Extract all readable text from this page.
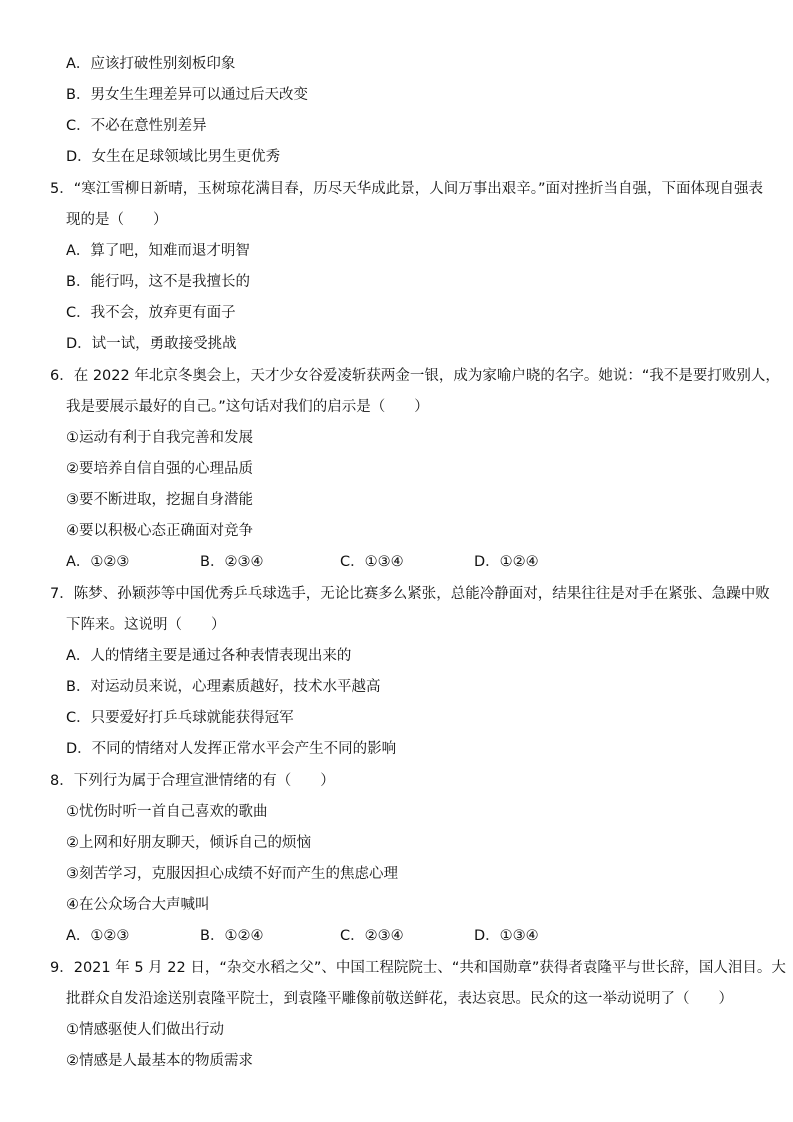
A．应该打破性别刻板印象
B．男女生生理差异可以通过后天改变
C．不必在意性别差异
D．女生在足球领域比男生更优秀
5．“寒江雪柳日新晴，玉树琼花满目春，历尽天华成此景，人间万事出艰辛。”面对挫折当自强，下面体现自强表
现的是（　　）
A．算了吧，知难而退才明智
B．能行吗，这不是我擅长的
C．我不会，放弃更有面子
D．试一试，勇敢接受挑战
6．在 2022 年北京冬奥会上，天才少女谷爱凌斩获两金一银，成为家喻户晓的名字。她说：“我不是要打败别人，
我是要展示最好的自己。”这句话对我们的启示是（　　）
①运动有利于自我完善和发展
②要培养自信自强的心理品质
③要不断进取，挖掘自身潜能
④要以积极心态正确面对竞争
A．①②③	B．②③④	C．①③④	D．①②④
7．陈梦、孙颖莎等中国优秀乒乓球选手，无论比赛多么紧张，总能冷静面对，结果往往是对手在紧张、急躁中败
下阵来。这说明（　　）
A．人的情绪主要是通过各种表情表现出来的
B．对运动员来说，心理素质越好，技术水平越高
C．只要爱好打乒乓球就能获得冠军
D．不同的情绪对人发挥正常水平会产生不同的影响
8．下列行为属于合理宣泄情绪的有（　　）
①忧伤时听一首自己喜欢的歌曲
②上网和好朋友聊天，倾诉自己的烦恼
③刻苦学习，克服因担心成绩不好而产生的焦虑心理
④在公众场合大声喊叫
A．①②③	B．①②④	C．②③④	D．①③④
9．2021 年 5 月 22 日，“杂交水稻之父”、中国工程院院士、“共和国勋章”获得者袁隆平与世长辞，国人泪目。大
批群众自发沿途送别袁隆平院士，到袁隆平雕像前敬送鲜花，表达哀思。民众的这一举动说明了（　　）
①情感驱使人们做出行动
②情感是人最基本的物质需求
